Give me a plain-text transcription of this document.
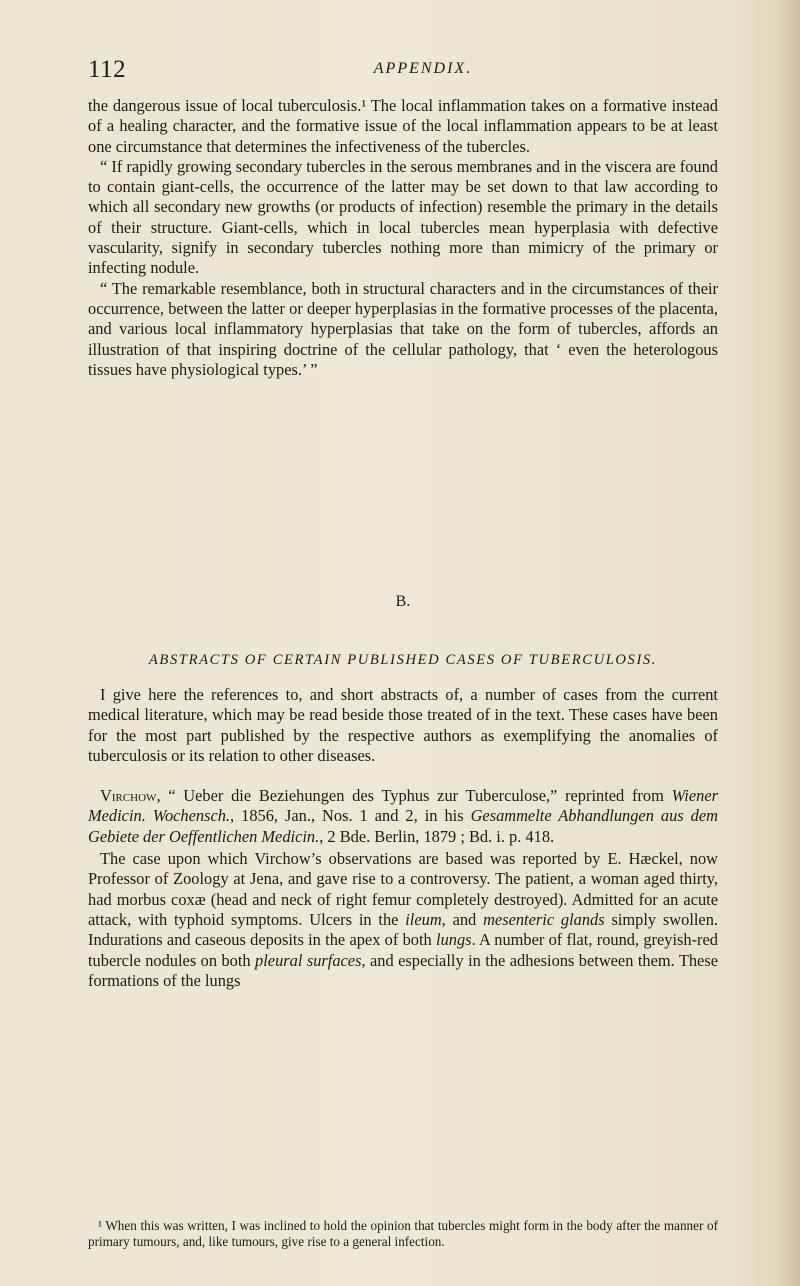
112	APPENDIX.

the dangerous issue of local tuberculosis.¹ The local inflammation takes on a formative instead of a healing character, and the formative issue of the local inflammation appears to be at least one circumstance that determines the infectiveness of the tubercles.

“ If rapidly growing secondary tubercles in the serous membranes and in the viscera are found to contain giant-cells, the occurrence of the latter may be set down to that law according to which all secondary new growths (or products of infection) resemble the primary in the details of their structure. Giant-cells, which in local tubercles mean hyperplasia with defective vascularity, signify in secondary tubercles nothing more than mimicry of the primary or infecting nodule.

“ The remarkable resemblance, both in structural characters and in the circumstances of their occurrence, between the latter or deeper hyperplasias in the formative processes of the placenta, and various local inflammatory hyperplasias that take on the form of tubercles, affords an illustration of that inspiring doctrine of the cellular pathology, that ‘ even the heterologous tissues have physiological types.’ ”

B.
ABSTRACTS OF CERTAIN PUBLISHED CASES OF TUBERCULOSIS.

I give here the references to, and short abstracts of, a number of cases from the current medical literature, which may be read beside those treated of in the text. These cases have been for the most part published by the respective authors as exemplifying the anomalies of tuberculosis or its relation to other diseases.

Virchow, “ Ueber die Beziehungen des Typhus zur Tuberculose,” reprinted from Wiener Medicin. Wochensch., 1856, Jan., Nos. 1 and 2, in his Gesammelte Abhandlungen aus dem Gebiete der Oeffentlichen Medicin., 2 Bde. Berlin, 1879 ; Bd. i. p. 418.

The case upon which Virchow’s observations are based was reported by E. Hæckel, now Professor of Zoology at Jena, and gave rise to a controversy. The patient, a woman aged thirty, had morbus coxæ (head and neck of right femur completely destroyed). Admitted for an acute attack, with typhoid symptoms. Ulcers in the ileum, and mesenteric glands simply swollen. Indurations and caseous deposits in the apex of both lungs. A number of flat, round, greyish-red tubercle nodules on both pleural surfaces, and especially in the adhesions between them. These formations of the lungs

¹ When this was written, I was inclined to hold the opinion that tubercles might form in the body after the manner of primary tumours, and, like tumours, give rise to a general infection.
